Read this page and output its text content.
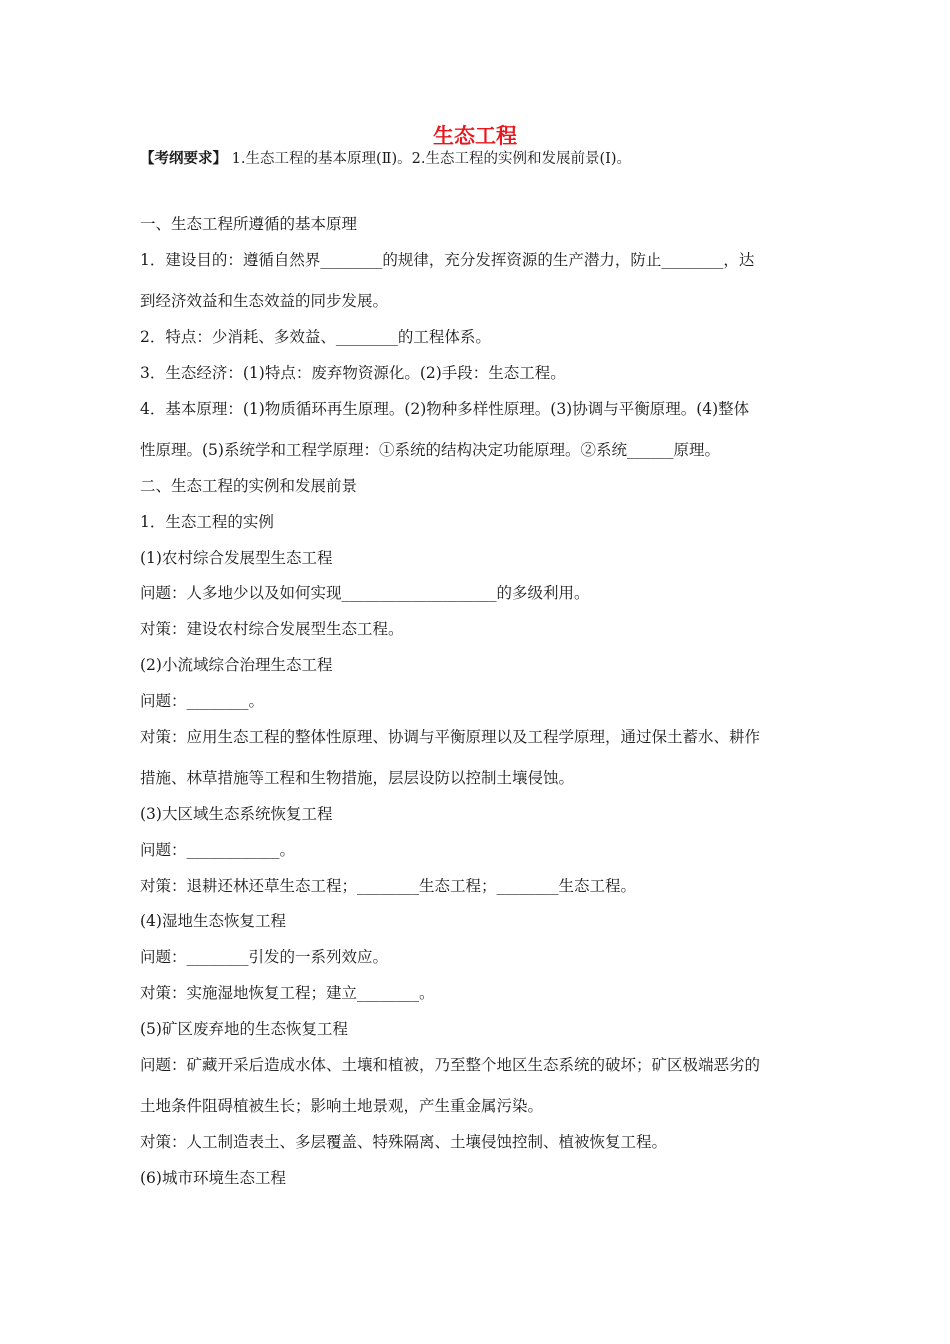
生态工程
【考纲要求】 1.生态工程的基本原理(Ⅱ)。2.生态工程的实例和发展前景(Ⅰ)。
一、生态工程所遵循的基本原理
1．建设目的：遵循自然界________的规律，充分发挥资源的生产潜力，防止________，达
到经济效益和生态效益的同步发展。
2．特点：少消耗、多效益、________的工程体系。
3．生态经济：(1)特点：废弃物资源化。(2)手段：生态工程。
4．基本原理：(1)物质循环再生原理。(2)物种多样性原理。(3)协调与平衡原理。(4)整体
性原理。(5)系统学和工程学原理：①系统的结构决定功能原理。②系统______原理。
二、生态工程的实例和发展前景
1．生态工程的实例
(1)农村综合发展型生态工程
问题：人多地少以及如何实现____________________的多级利用。
对策：建设农村综合发展型生态工程。
(2)小流域综合治理生态工程
问题：________。
对策：应用生态工程的整体性原理、协调与平衡原理以及工程学原理，通过保土蓄水、耕作
措施、林草措施等工程和生物措施，层层设防以控制土壤侵蚀。
(3)大区域生态系统恢复工程
问题：____________。
对策：退耕还林还草生态工程；________生态工程；________生态工程。
(4)湿地生态恢复工程
问题：________引发的一系列效应。
对策：实施湿地恢复工程；建立________。
(5)矿区废弃地的生态恢复工程
问题：矿藏开采后造成水体、土壤和植被，乃至整个地区生态系统的破坏；矿区极端恶劣的
土地条件阻碍植被生长；影响土地景观，产生重金属污染。
对策：人工制造表土、多层覆盖、特殊隔离、土壤侵蚀控制、植被恢复工程。
(6)城市环境生态工程
